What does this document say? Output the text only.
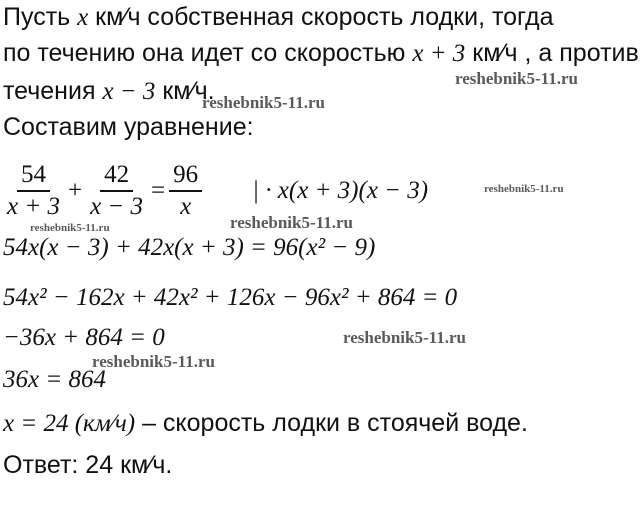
Пусть x км⁄ч собственная скорость лодки, тогда
по течению она идет со скоростью x + 3 км⁄ч , а против
течения x − 3 км⁄ч.
Составим уравнение:
$\frac{54}{x + 3} + \frac{42}{x - 3} = \frac{96}{x}$ | · x(x + 3)(x − 3)
54x(x − 3) + 42x(x + 3) = 96(x² − 9)
54x² − 162x + 42x² + 126x − 96x² + 864 = 0
−36x + 864 = 0
36x = 864
x = 24 (км⁄ч) – скорость лодки в стоячей воде.
Ответ: 24 км⁄ч.
reshebnik5-11.ru
reshebnik5-11.ru
reshebnik5-11.ru
reshebnik5-11.ru	reshebnik5-11.ru
reshebnik5-11.ru
reshebnik5-11.ru
